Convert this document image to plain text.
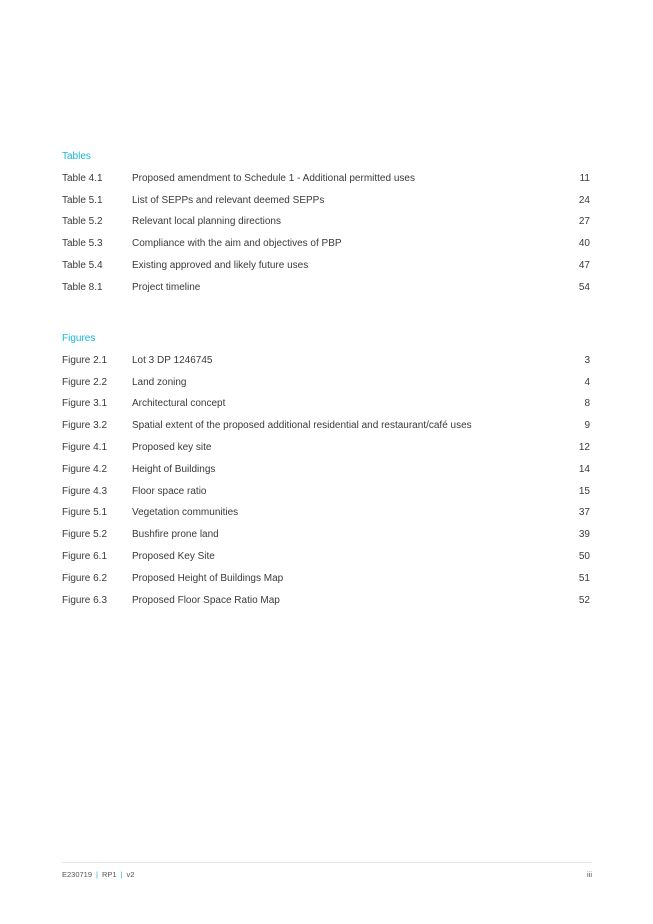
Tables
Table 4.1	Proposed amendment to Schedule 1 - Additional permitted uses	11
Table 5.1	List of SEPPs and relevant deemed SEPPs	24
Table 5.2	Relevant local planning directions	27
Table 5.3	Compliance with the aim and objectives of PBP	40
Table 5.4	Existing approved and likely future uses	47
Table 8.1	Project timeline	54
Figures
Figure 2.1	Lot 3 DP 1246745	3
Figure 2.2	Land zoning	4
Figure 3.1	Architectural concept	8
Figure 3.2	Spatial extent of the proposed additional residential and restaurant/café uses	9
Figure 4.1	Proposed key site	12
Figure 4.2	Height of Buildings	14
Figure 4.3	Floor space ratio	15
Figure 5.1	Vegetation communities	37
Figure 5.2	Bushfire prone land	39
Figure 6.1	Proposed Key Site	50
Figure 6.2	Proposed Height of Buildings Map	51
Figure 6.3	Proposed Floor Space Ratio Map	52
E230719 | RP1 | v2	iii
